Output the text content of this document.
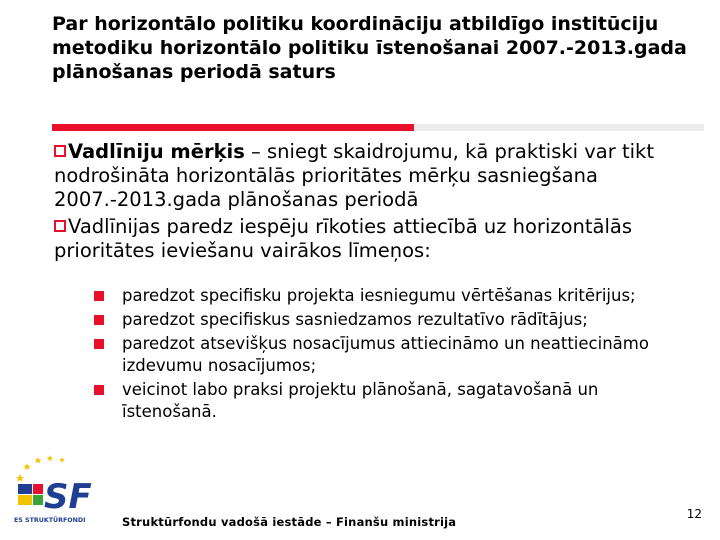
Par horizontālo politiku koordināciju atbildīgo institūciju metodiku horizontālo politiku īstenošanai 2007.-2013.gada plānošanas periodā saturs
Vadlīniju mērķis – sniegt skaidrojumu, kā praktiski var tikt nodrošināta horizontālās prioritātes mērķu sasniegšana 2007.-2013.gada plānošanas periodā
Vadlīnijas paredz iespēju rīkoties attiecībā uz horizontālās prioritātes ieviešanu vairākos līmeņos:
paredzot specifisku projekta iesniegumu vērtēšanas kritērijus;
paredzot specifiskus sasniedzamos rezultatīvo rādītājus;
paredzot atsevišķus nosacījumus attiecināmo un neattiecināmo izdevumu nosacījumos;
veicinot labo praksi projektu plānošanā, sagatavošanā un īstenošanā.
SF
ES STRUKTŪRFONDI	Struktūrfondu vadošā iestāde – Finanšu ministrija
12
